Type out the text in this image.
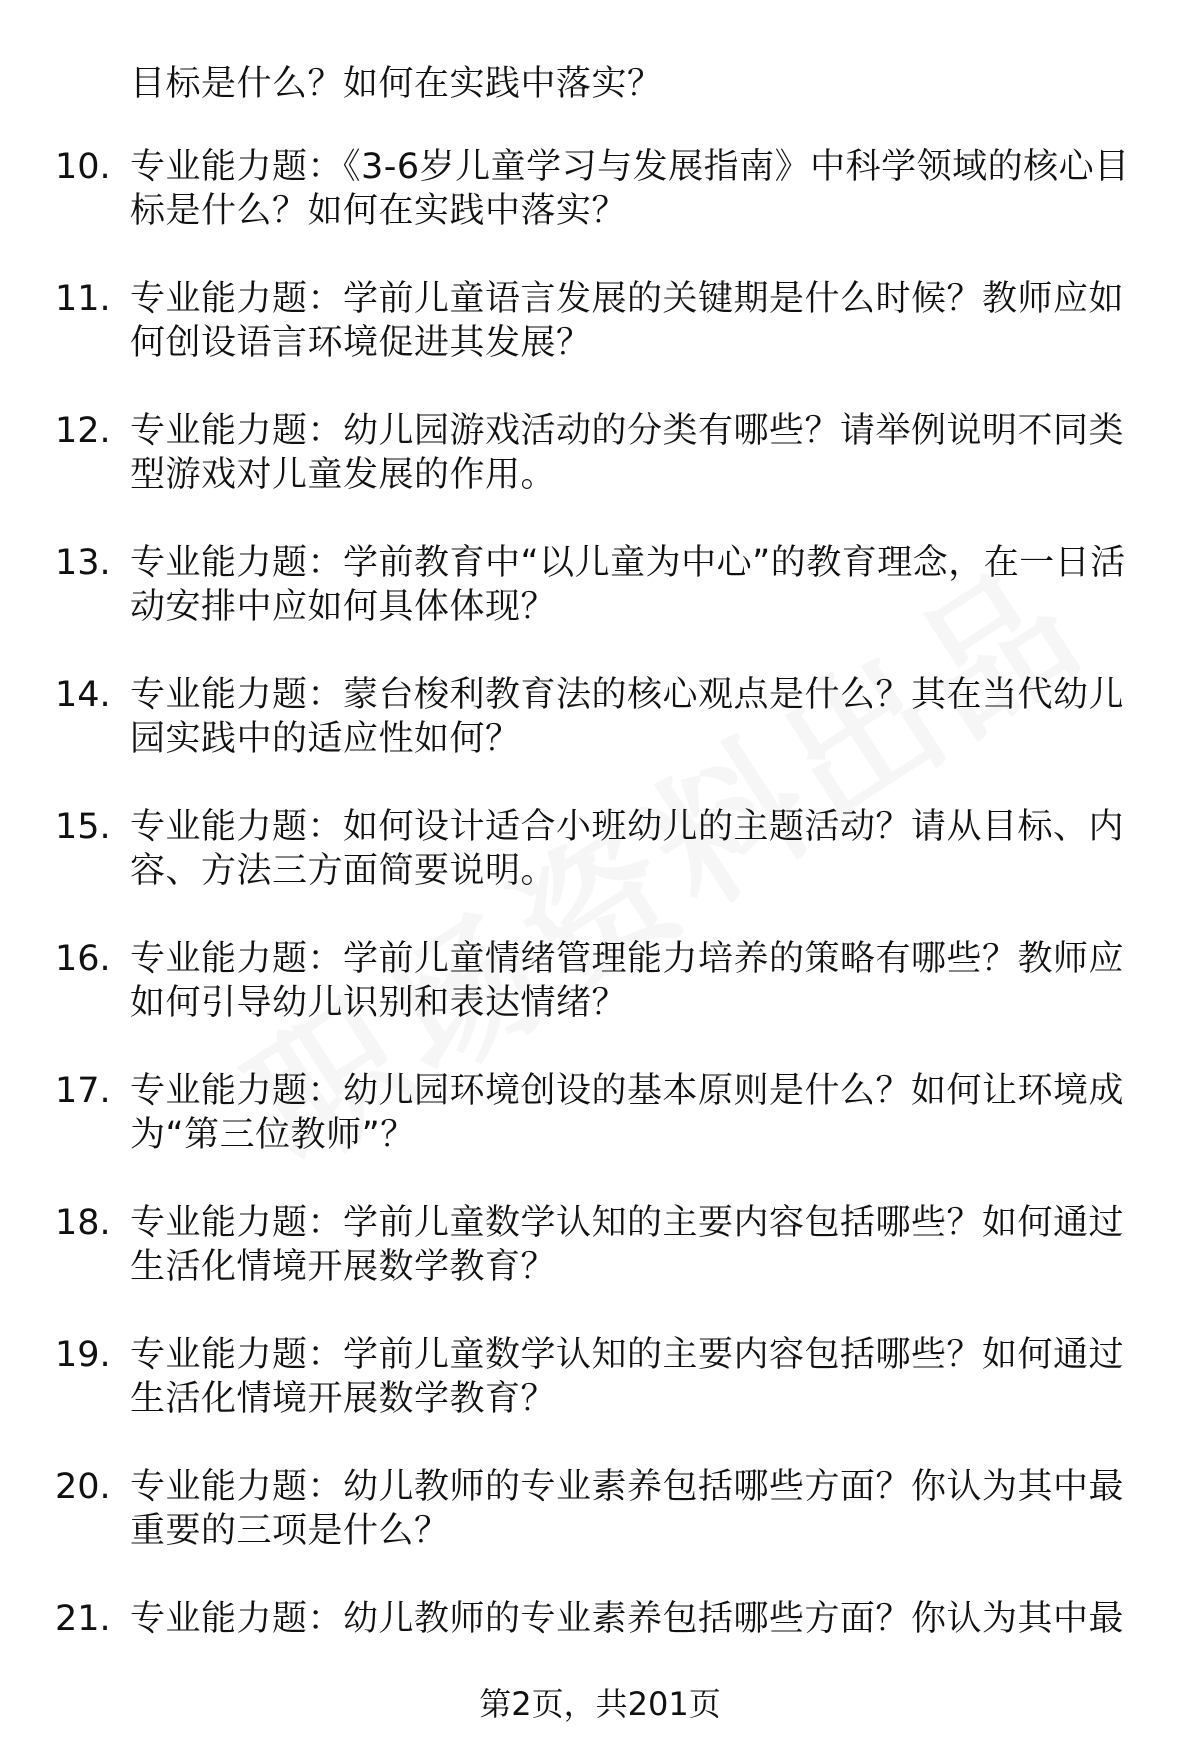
目标是什么？如何在实践中落实？
10. 专业能力题：《3-6岁儿童学习与发展指南》中科学领域的核心目标是什么？如何在实践中落实？
11. 专业能力题：学前儿童语言发展的关键期是什么时候？教师应如何创设语言环境促进其发展？
12. 专业能力题：幼儿园游戏活动的分类有哪些？请举例说明不同类型游戏对儿童发展的作用。
13. 专业能力题：学前教育中“以儿童为中心”的教育理念，在一日活动安排中应如何具体体现？
14. 专业能力题：蒙台梭利教育法的核心观点是什么？其在当代幼儿园实践中的适应性如何？
15. 专业能力题：如何设计适合小班幼儿的主题活动？请从目标、内容、方法三方面简要说明。
16. 专业能力题：学前儿童情绪管理能力培养的策略有哪些？教师应如何引导幼儿识别和表达情绪？
17. 专业能力题：幼儿园环境创设的基本原则是什么？如何让环境成为“第三位教师”？
18. 专业能力题：学前儿童数学认知的主要内容包括哪些？如何通过生活化情境开展数学教育？
19. 专业能力题：学前儿童数学认知的主要内容包括哪些？如何通过生活化情境开展数学教育？
20. 专业能力题：幼儿教师的专业素养包括哪些方面？你认为其中最重要的三项是什么？
21. 专业能力题：幼儿教师的专业素养包括哪些方面？你认为其中最
第2页，共201页
